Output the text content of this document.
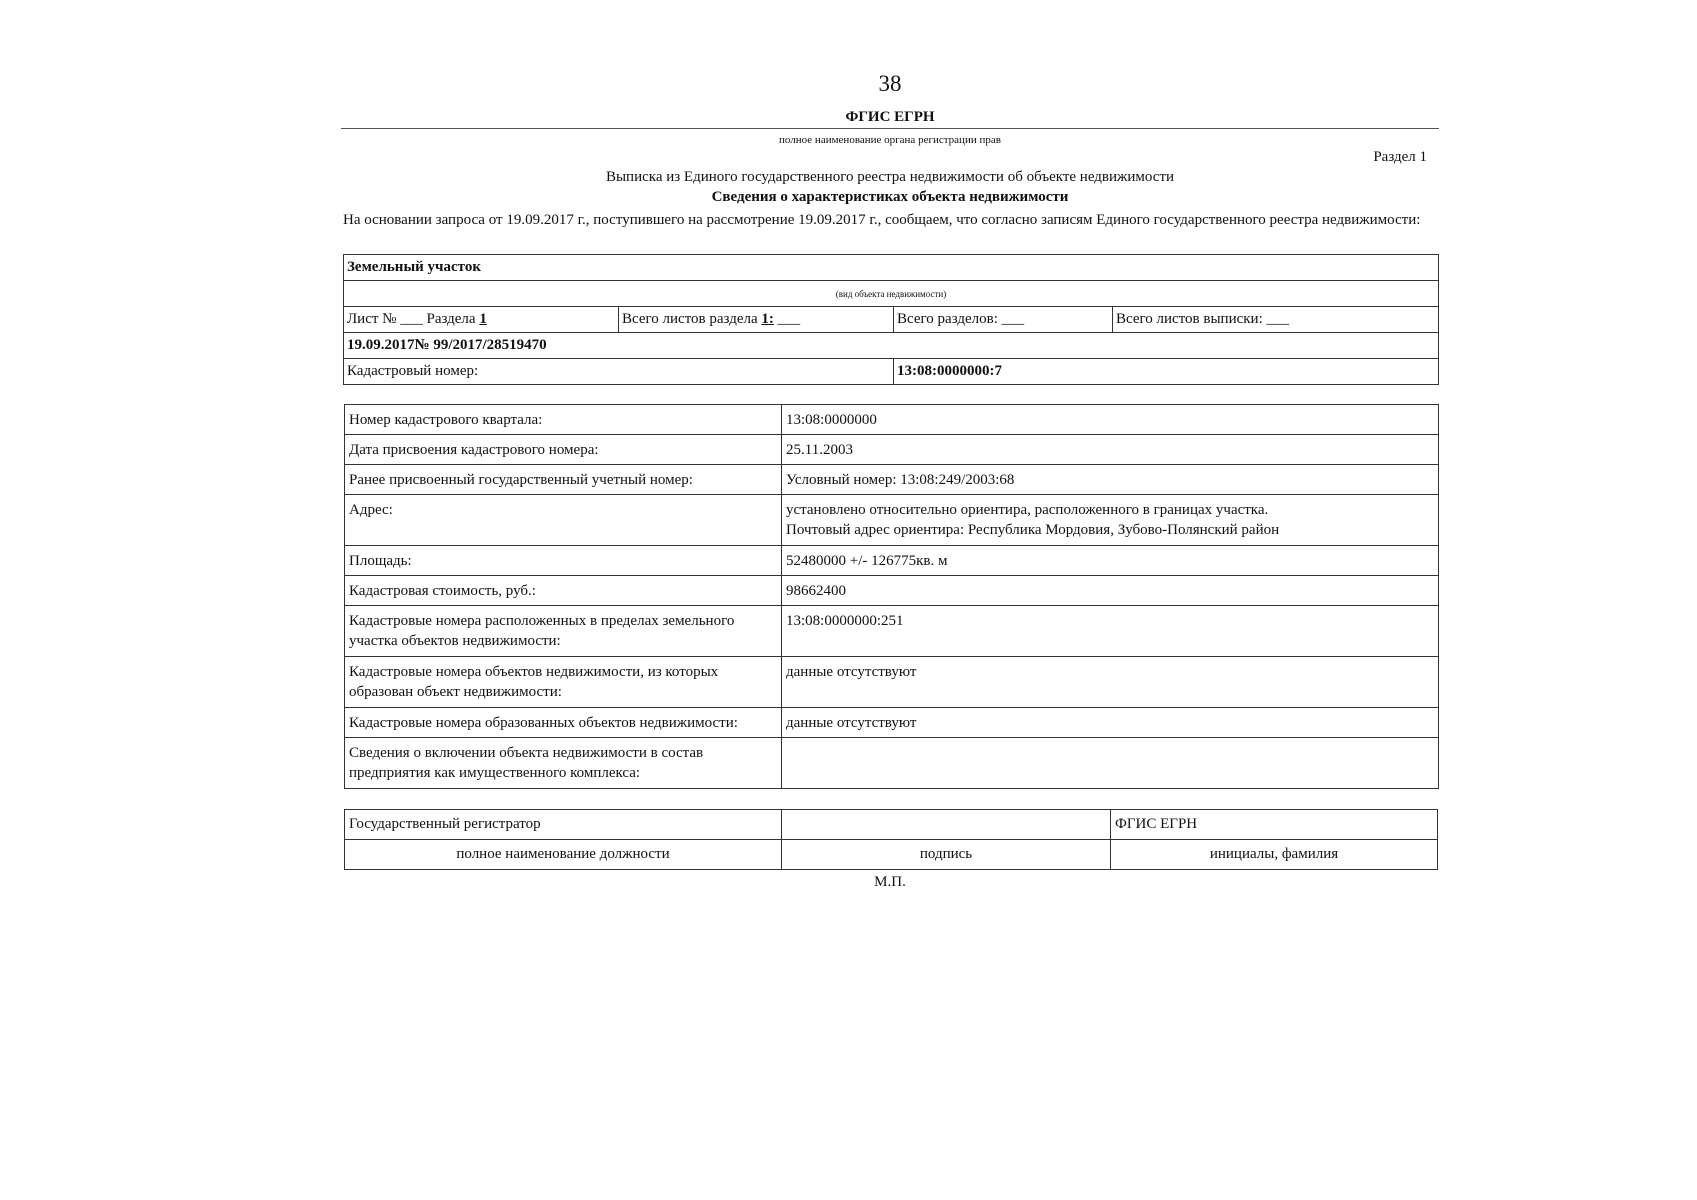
38
ФГИС ЕГРН
полное наименование органа регистрации прав
Раздел 1
Выписка из Единого государственного реестра недвижимости об объекте недвижимости
Сведения о характеристиках объекта недвижимости
На основании запроса от 19.09.2017 г., поступившего на рассмотрение 19.09.2017 г., сообщаем, что согласно записям Единого государственного реестра недвижимости:
Земельный участок			
(вид объекта недвижимости)			
Лист № ___ Раздела 1	Всего листов раздела 1: ___	Всего разделов: ___	Всего листов выписки: ___
19.09.2017№ 99/2017/28519470			
Кадастровый номер:		13:08:0000000:7	
Номер кадастрового квартала:	13:08:0000000
Дата присвоения кадастрового номера:	25.11.2003
Ранее присвоенный государственный учетный номер:	Условный номер: 13:08:249/2003:68
Адрес:	установлено относительно ориентира, расположенного в границах участка.
Почтовый адрес ориентира: Республика Мордовия, Зубово-Полянский район

Площадь:	52480000 +/- 126775кв. м
Кадастровая стоимость, руб.:	98662400
Кадастровые номера расположенных в пределах земельного участка объектов недвижимости:	13:08:0000000:251
Кадастровые номера объектов недвижимости, из которых образован объект недвижимости:	данные отсутствуют
Кадастровые номера образованных объектов недвижимости:	данные отсутствуют
Сведения о включении объекта недвижимости в состав предприятия как имущественного комплекса:	
Государственный регистратор		ФГИС ЕГРН
полное наименование должности	подпись	инициалы, фамилия
М.П.
